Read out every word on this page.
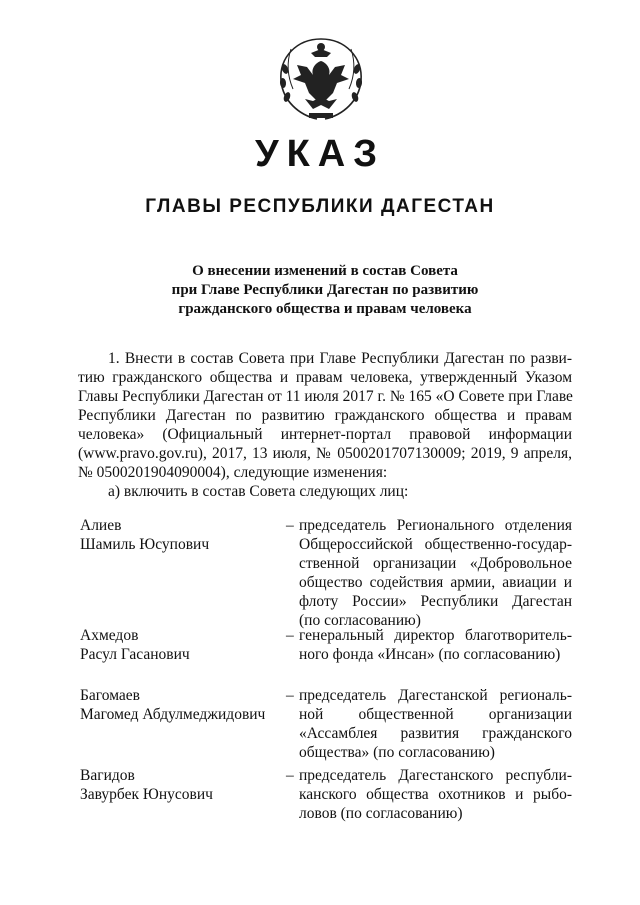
УКАЗ
ГЛАВЫ РЕСПУБЛИКИ ДАГЕСТАН
О внесении изменений в состав Совета
при Главе Республики Дагестан по развитию
гражданского общества и правам человека
1. Внести в состав Совета при Главе Республики Дагестан по разви-
тию гражданского общества и правам человека, утвержденный Указом
Главы Республики Дагестан от 11 июля 2017 г. № 165 «О Совете при Главе
Республики Дагестан по развитию гражданского общества и правам
человека» (Официальный интернет-портал правовой информации
(www.pravo.gov.ru), 2017, 13 июля, № 0500201707130009; 2019, 9 апреля,
№ 0500201904090004), следующие изменения:
а) включить в состав Совета следующих лиц:
Алиев
Шамиль Юсупович
– председатель Регионального отделения
Общероссийской общественно-государ-
ственной организации «Добровольное
общество содействия армии, авиации и
флоту России» Республики Дагестан
(по согласованию)
Ахмедов
Расул Гасанович
– генеральный директор благотворитель-
ного фонда «Инсан» (по согласованию)
Багомаев
Магомед Абдулмеджидович
– председатель Дагестанской региональ-
ной общественной организации
«Ассамблея развития гражданского
общества» (по согласованию)
Вагидов
Завурбек Юнусович
– председатель Дагестанского республи-
канского общества охотников и рыбо-
ловов (по согласованию)
